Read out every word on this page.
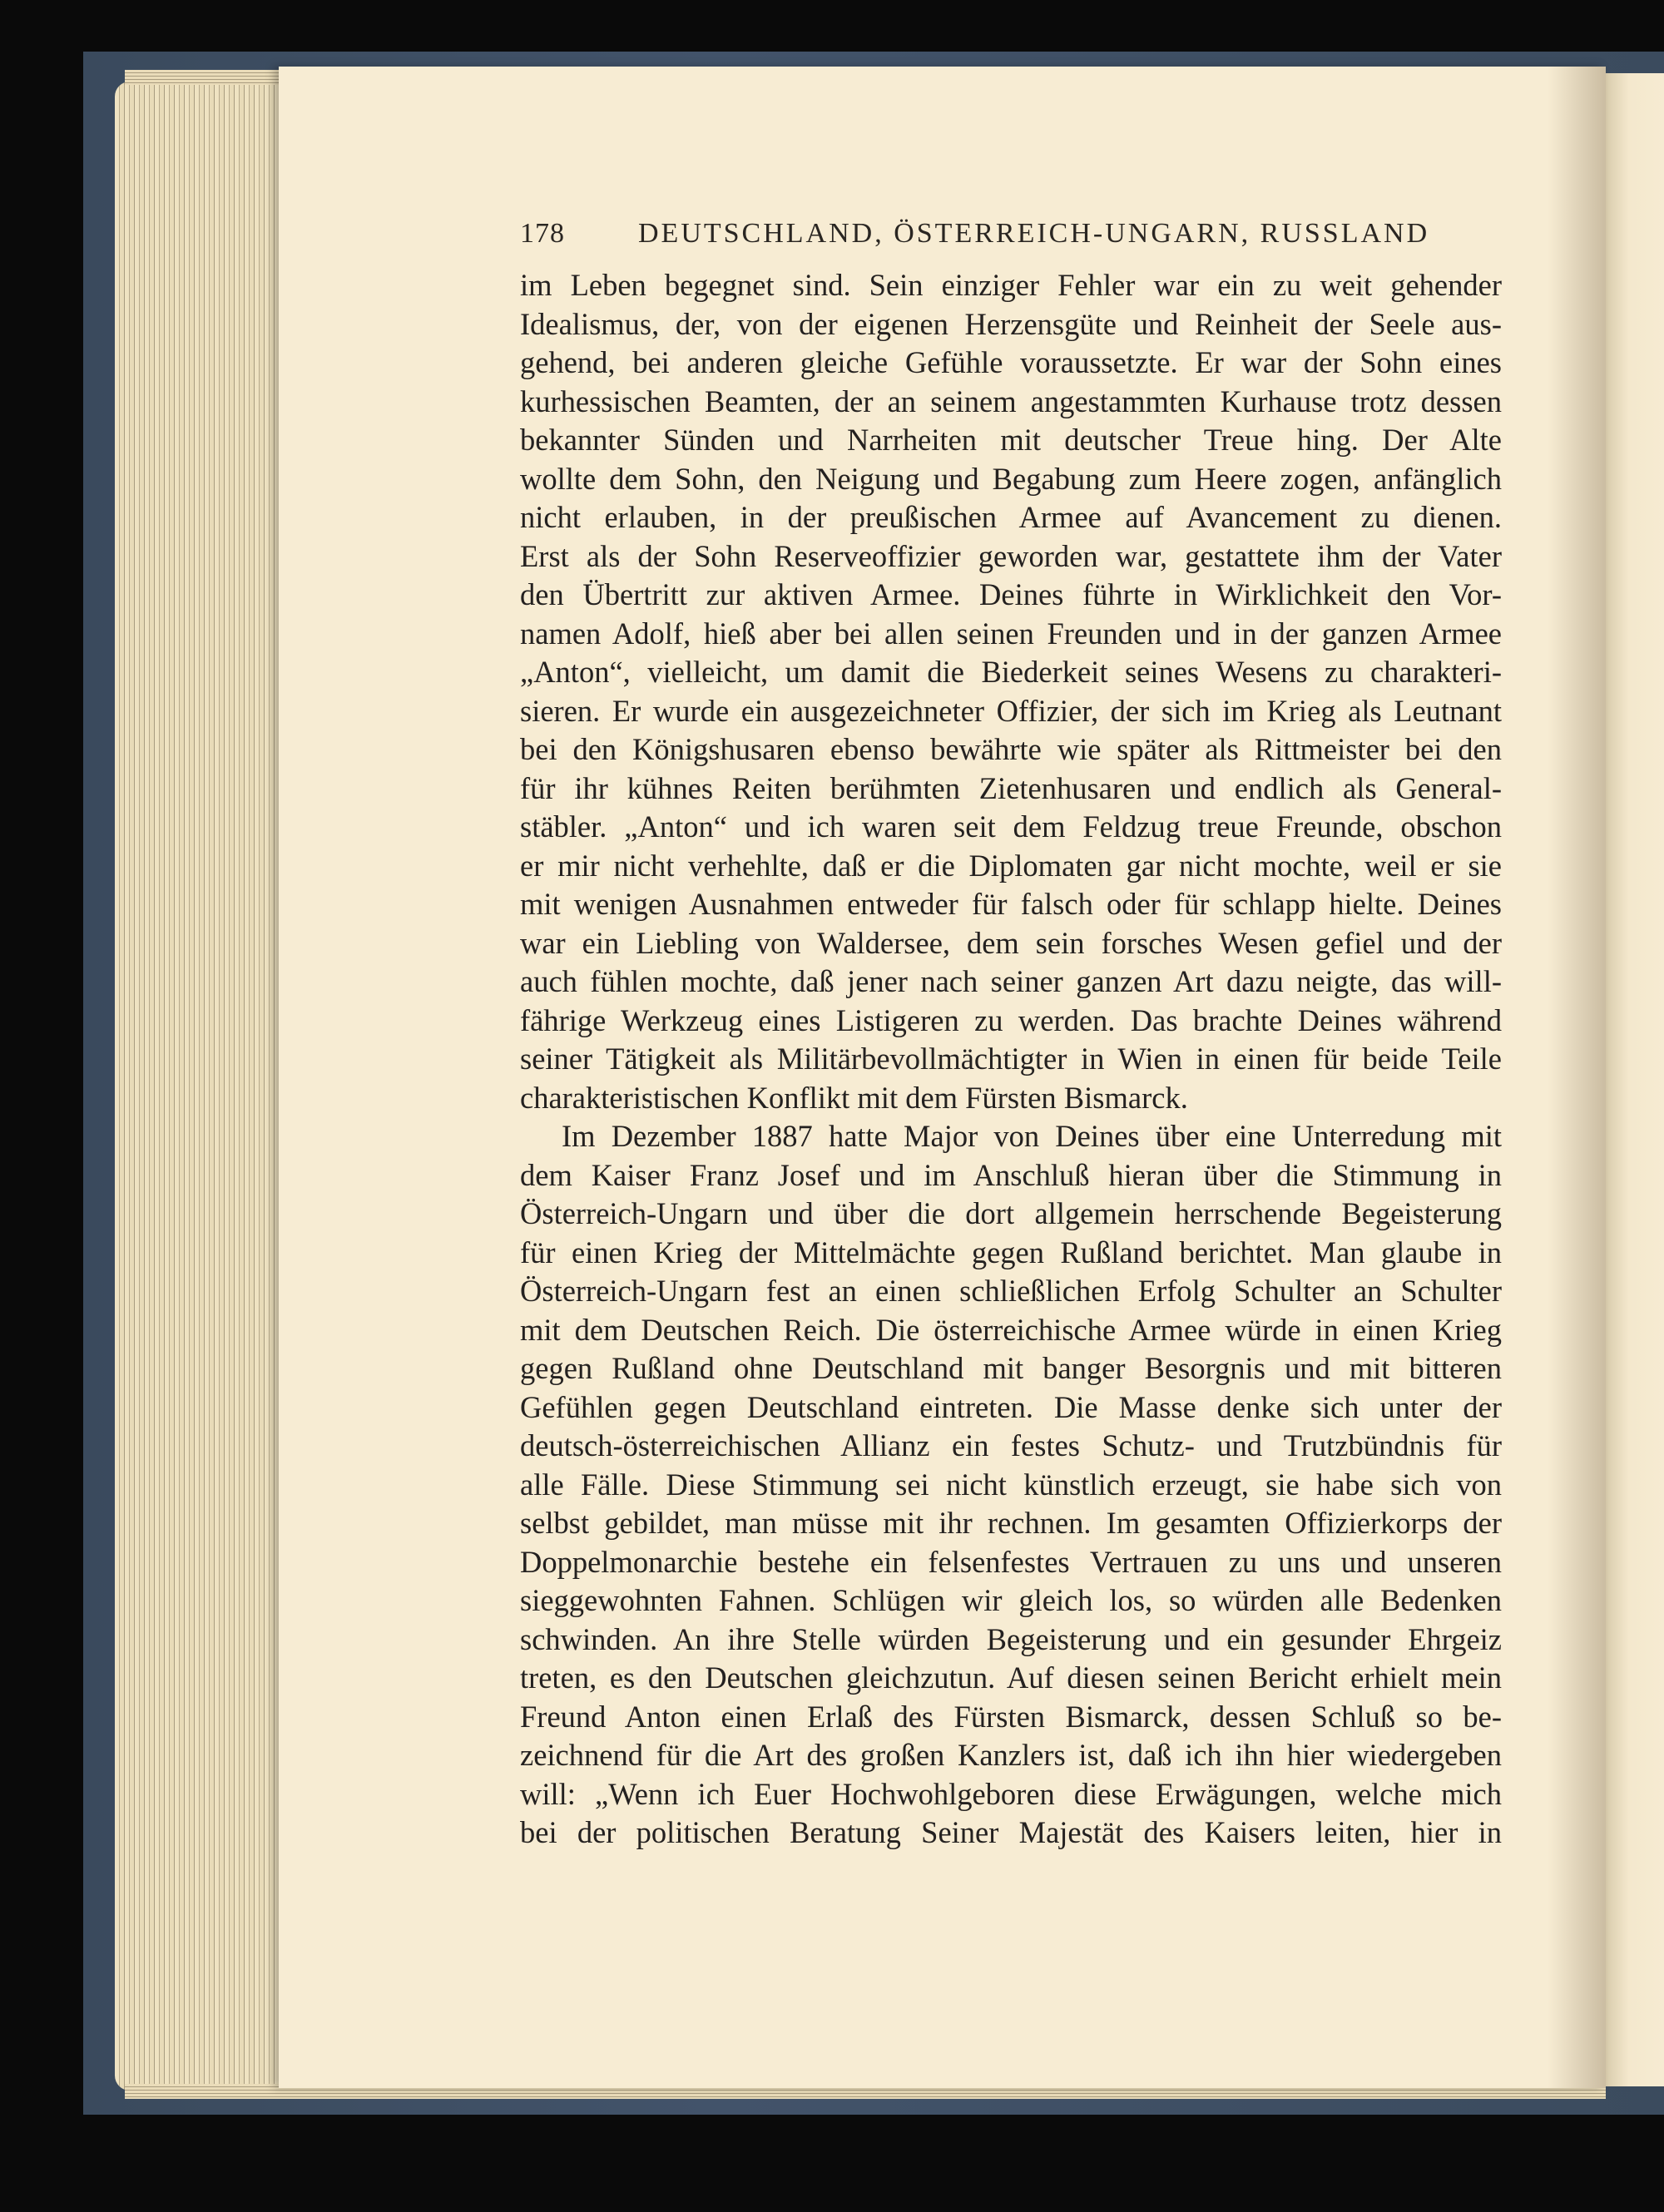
178	DEUTSCHLAND, ÖSTERREICH-UNGARN, RUSSLAND
im Leben begegnet sind. Sein einziger Fehler war ein zu weit gehender
Idealismus, der, von der eigenen Herzensgüte und Reinheit der Seele aus-
gehend, bei anderen gleiche Gefühle voraussetzte. Er war der Sohn eines
kurhessischen Beamten, der an seinem angestammten Kurhause trotz dessen
bekannter Sünden und Narrheiten mit deutscher Treue hing. Der Alte
wollte dem Sohn, den Neigung und Begabung zum Heere zogen, anfänglich
nicht erlauben, in der preußischen Armee auf Avancement zu dienen.
Erst als der Sohn Reserveoffizier geworden war, gestattete ihm der Vater
den Übertritt zur aktiven Armee. Deines führte in Wirklichkeit den Vor-
namen Adolf, hieß aber bei allen seinen Freunden und in der ganzen Armee
„Anton“, vielleicht, um damit die Biederkeit seines Wesens zu charakteri-
sieren. Er wurde ein ausgezeichneter Offizier, der sich im Krieg als Leutnant
bei den Königshusaren ebenso bewährte wie später als Rittmeister bei den
für ihr kühnes Reiten berühmten Zietenhusaren und endlich als General-
stäbler. „Anton“ und ich waren seit dem Feldzug treue Freunde, obschon
er mir nicht verhehlte, daß er die Diplomaten gar nicht mochte, weil er sie
mit wenigen Ausnahmen entweder für falsch oder für schlapp hielte. Deines
war ein Liebling von Waldersee, dem sein forsches Wesen gefiel und der
auch fühlen mochte, daß jener nach seiner ganzen Art dazu neigte, das will-
fährige Werkzeug eines Listigeren zu werden. Das brachte Deines während
seiner Tätigkeit als Militärbevollmächtigter in Wien in einen für beide Teile
charakteristischen Konflikt mit dem Fürsten Bismarck.
Im Dezember 1887 hatte Major von Deines über eine Unterredung mit
dem Kaiser Franz Josef und im Anschluß hieran über die Stimmung in
Österreich-Ungarn und über die dort allgemein herrschende Begeisterung
für einen Krieg der Mittelmächte gegen Rußland berichtet. Man glaube in
Österreich-Ungarn fest an einen schließlichen Erfolg Schulter an Schulter
mit dem Deutschen Reich. Die österreichische Armee würde in einen Krieg
gegen Rußland ohne Deutschland mit banger Besorgnis und mit bitteren
Gefühlen gegen Deutschland eintreten. Die Masse denke sich unter der
deutsch-österreichischen Allianz ein festes Schutz- und Trutzbündnis für
alle Fälle. Diese Stimmung sei nicht künstlich erzeugt, sie habe sich von
selbst gebildet, man müsse mit ihr rechnen. Im gesamten Offizierkorps der
Doppelmonarchie bestehe ein felsenfestes Vertrauen zu uns und unseren
sieggewohnten Fahnen. Schlügen wir gleich los, so würden alle Bedenken
schwinden. An ihre Stelle würden Begeisterung und ein gesunder Ehrgeiz
treten, es den Deutschen gleichzutun. Auf diesen seinen Bericht erhielt mein
Freund Anton einen Erlaß des Fürsten Bismarck, dessen Schluß so be-
zeichnend für die Art des großen Kanzlers ist, daß ich ihn hier wiedergeben
will: „Wenn ich Euer Hochwohlgeboren diese Erwägungen, welche mich
bei der politischen Beratung Seiner Majestät des Kaisers leiten, hier in
